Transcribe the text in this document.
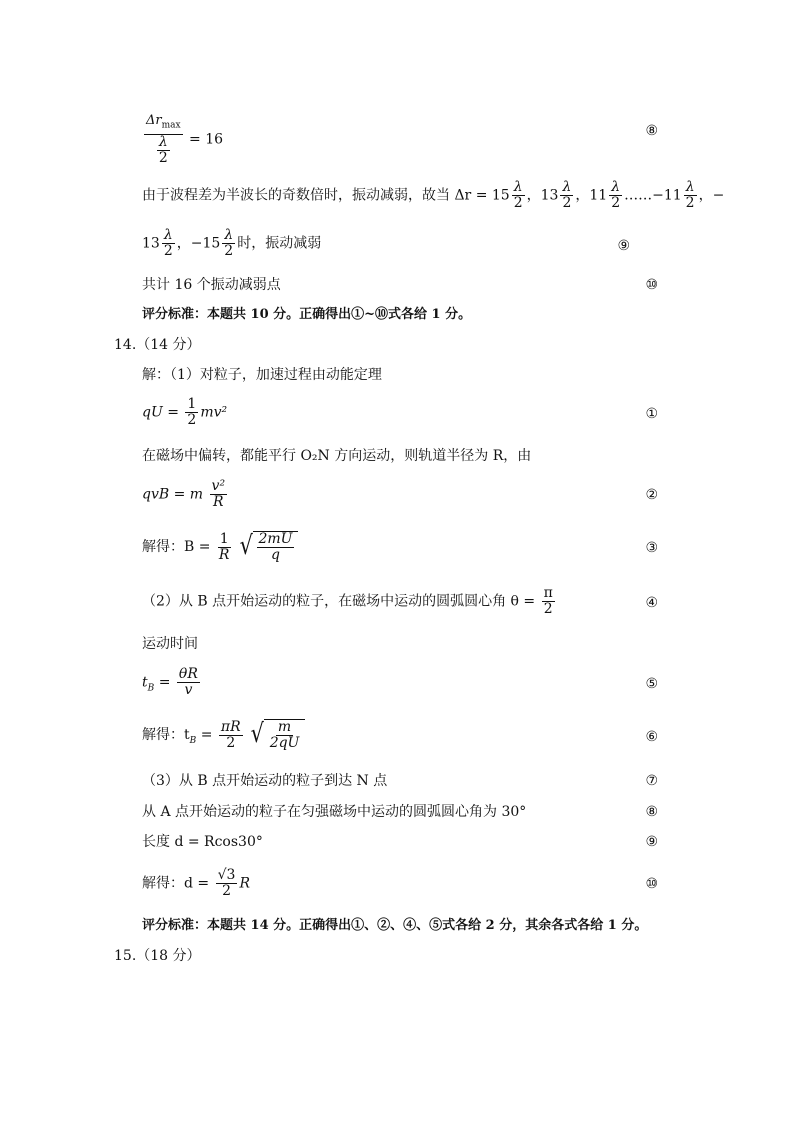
$\frac{\Delta r_{max}}{\frac{\lambda}{2}} = 16$
⑧
由于波程差为半波长的奇数倍时，振动减弱，故当 $\Delta r = 15 \frac{\lambda}{2}$ ，$13 \frac{\lambda}{2}$ ，$11 \frac{\lambda}{2}$ ……−11 $\frac{\lambda}{2}$ ，−
$13 \frac{\lambda}{2}$ ，$-15 \frac{\lambda}{2}$ 时，振动减弱	⑨
共计 16 个振动减弱点	⑩
评分标准：本题共 10 分。正确得出①~⑩式各给 1 分。
14.（14 分）
解：（1）对粒子，加速过程由动能定理
qU = $\frac{1}{2} mv^2$	①
在磁场中偏转，都能平行 O₂N 方向运动，则轨道半径为 R，由
qvB = m $\frac{\text{v²}}{R}$	②
解得：$B = \frac{1}{R}$
√ $\frac{2mU}{q}$	③
（2）从 B 点开始运动的粒子，在磁场中运动的圆弧圆心角 $\theta = \frac{\pi}{2}$	④
运动时间
$t_B = \frac{\theta R}{v}$	⑤
解得：$t_B = \frac{\pi R}{2}$
√ $\frac{m}{2qU}$	⑥
（3）从 B 点开始运动的粒子到达 N 点	⑦
从 A 点开始运动的粒子在匀强磁场中运动的圆弧圆心角为 30°	⑧
长度 d = Rcos30°	⑨
解得：$d = \frac{√3}{2}$ R	⑩
评分标准：本题共 14 分。正确得出①、②、④、⑤式各给 2 分，其余各式各给 1 分。
15.（18 分）
